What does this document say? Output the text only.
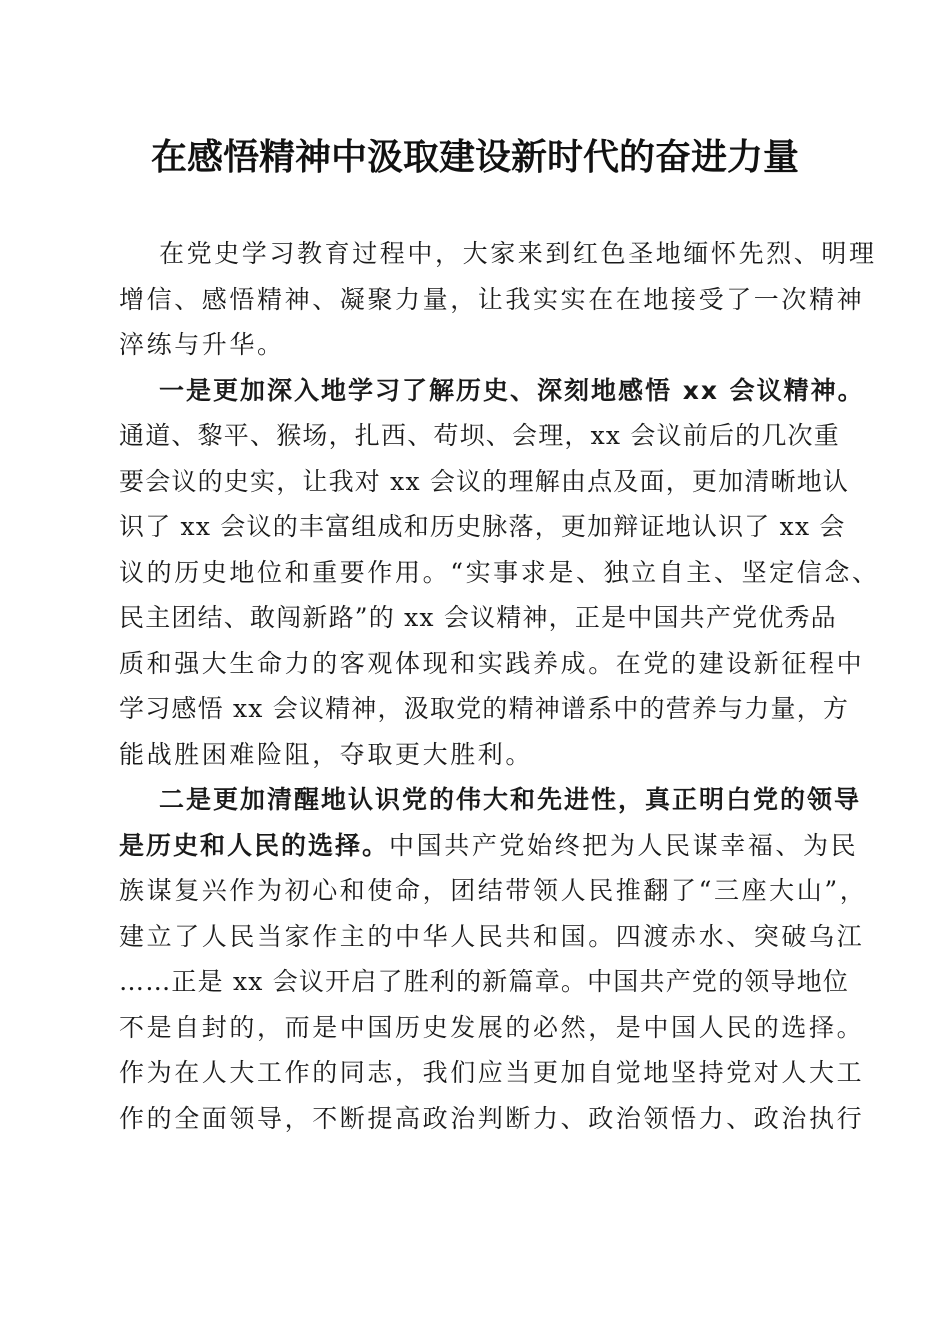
在感悟精神中汲取建设新时代的奋进力量
在党史学习教育过程中，大家来到红色圣地缅怀先烈、明理
增信、感悟精神、凝聚力量，让我实实在在地接受了一次精神
淬练与升华。
一是更加深入地学习了解历史、深刻地感悟 xx 会议精神。
通道、黎平、猴场，扎西、苟坝、会理，xx 会议前后的几次重
要会议的史实，让我对 xx 会议的理解由点及面，更加清晰地认
识了 xx 会议的丰富组成和历史脉落，更加辩证地认识了 xx 会
议的历史地位和重要作用。“实事求是、独立自主、坚定信念、
民主团结、敢闯新路”的 xx 会议精神，正是中国共产党优秀品
质和强大生命力的客观体现和实践养成。在党的建设新征程中
学习感悟 xx 会议精神，汲取党的精神谱系中的营养与力量，方
能战胜困难险阻，夺取更大胜利。
二是更加清醒地认识党的伟大和先进性，真正明白党的领导
是历史和人民的选择。中国共产党始终把为人民谋幸福、为民
族谋复兴作为初心和使命，团结带领人民推翻了“三座大山”，
建立了人民当家作主的中华人民共和国。四渡赤水、突破乌江
……正是 xx 会议开启了胜利的新篇章。中国共产党的领导地位
不是自封的，而是中国历史发展的必然，是中国人民的选择。
作为在人大工作的同志，我们应当更加自觉地坚持党对人大工
作的全面领导，不断提高政治判断力、政治领悟力、政治执行
